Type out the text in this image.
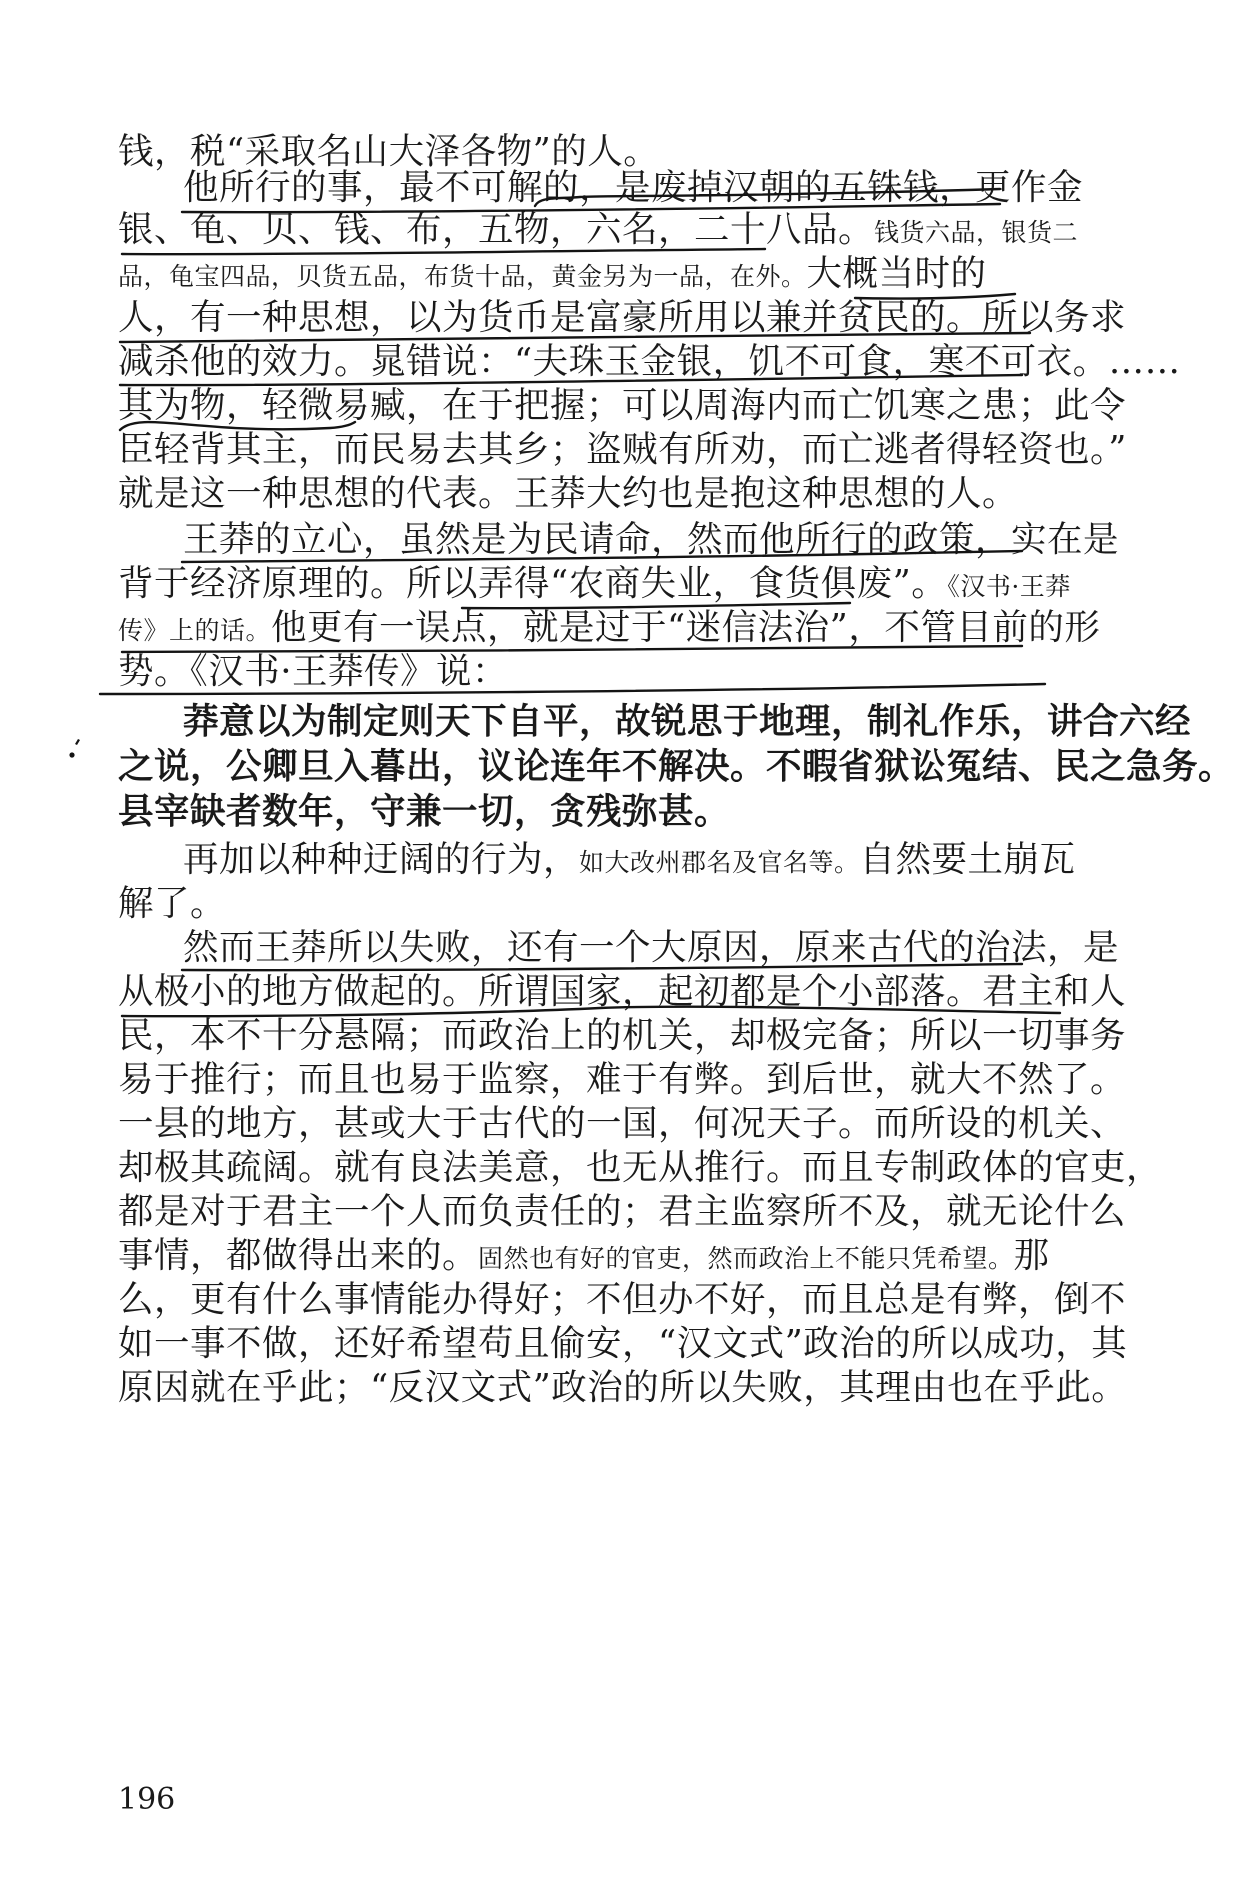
钱，税“采取名山大泽各物”的人。
他所行的事，最不可解的，是废掉汉朝的五铢钱，更作金
银、龟、贝、钱、布，五物，六名，二十八品。钱货六品，银货二
品，龟宝四品，贝货五品，布货十品，黄金另为一品，在外。大概当时的
人，有一种思想，以为货币是富豪所用以兼并贫民的。所以务求
减杀他的效力。晁错说：“夫珠玉金银，饥不可食，寒不可衣。……
其为物，轻微易臧，在于把握；可以周海内而亡饥寒之患；此令
臣轻背其主，而民易去其乡；盗贼有所劝，而亡逃者得轻资也。”
就是这一种思想的代表。王莽大约也是抱这种思想的人。
王莽的立心，虽然是为民请命，然而他所行的政策，实在是
背于经济原理的。所以弄得“农商失业，食货俱废”。《汉书·王莽
传》上的话。他更有一误点，就是过于“迷信法治”，不管目前的形
势。《汉书·王莽传》说：
莽意以为制定则天下自平，故锐思于地理，制礼作乐，讲合六经
之说，公卿旦入暮出，议论连年不解决。不暇省狱讼冤结、民之急务。
县宰缺者数年，守兼一切，贪残弥甚。
再加以种种迂阔的行为，如大改州郡名及官名等。自然要土崩瓦
解了。
然而王莽所以失败，还有一个大原因，原来古代的治法，是
从极小的地方做起的。所谓国家，起初都是个小部落。君主和人
民，本不十分悬隔；而政治上的机关，却极完备；所以一切事务
易于推行；而且也易于监察，难于有弊。到后世，就大不然了。
一县的地方，甚或大于古代的一国，何况天子。而所设的机关、
却极其疏阔。就有良法美意，也无从推行。而且专制政体的官吏，
都是对于君主一个人而负责任的；君主监察所不及，就无论什么
事情，都做得出来的。固然也有好的官吏，然而政治上不能只凭希望。那
么，更有什么事情能办得好；不但办不好，而且总是有弊，倒不
如一事不做，还好希望苟且偷安，“汉文式”政治的所以成功，其
原因就在乎此；“反汉文式”政治的所以失败，其理由也在乎此。
196
